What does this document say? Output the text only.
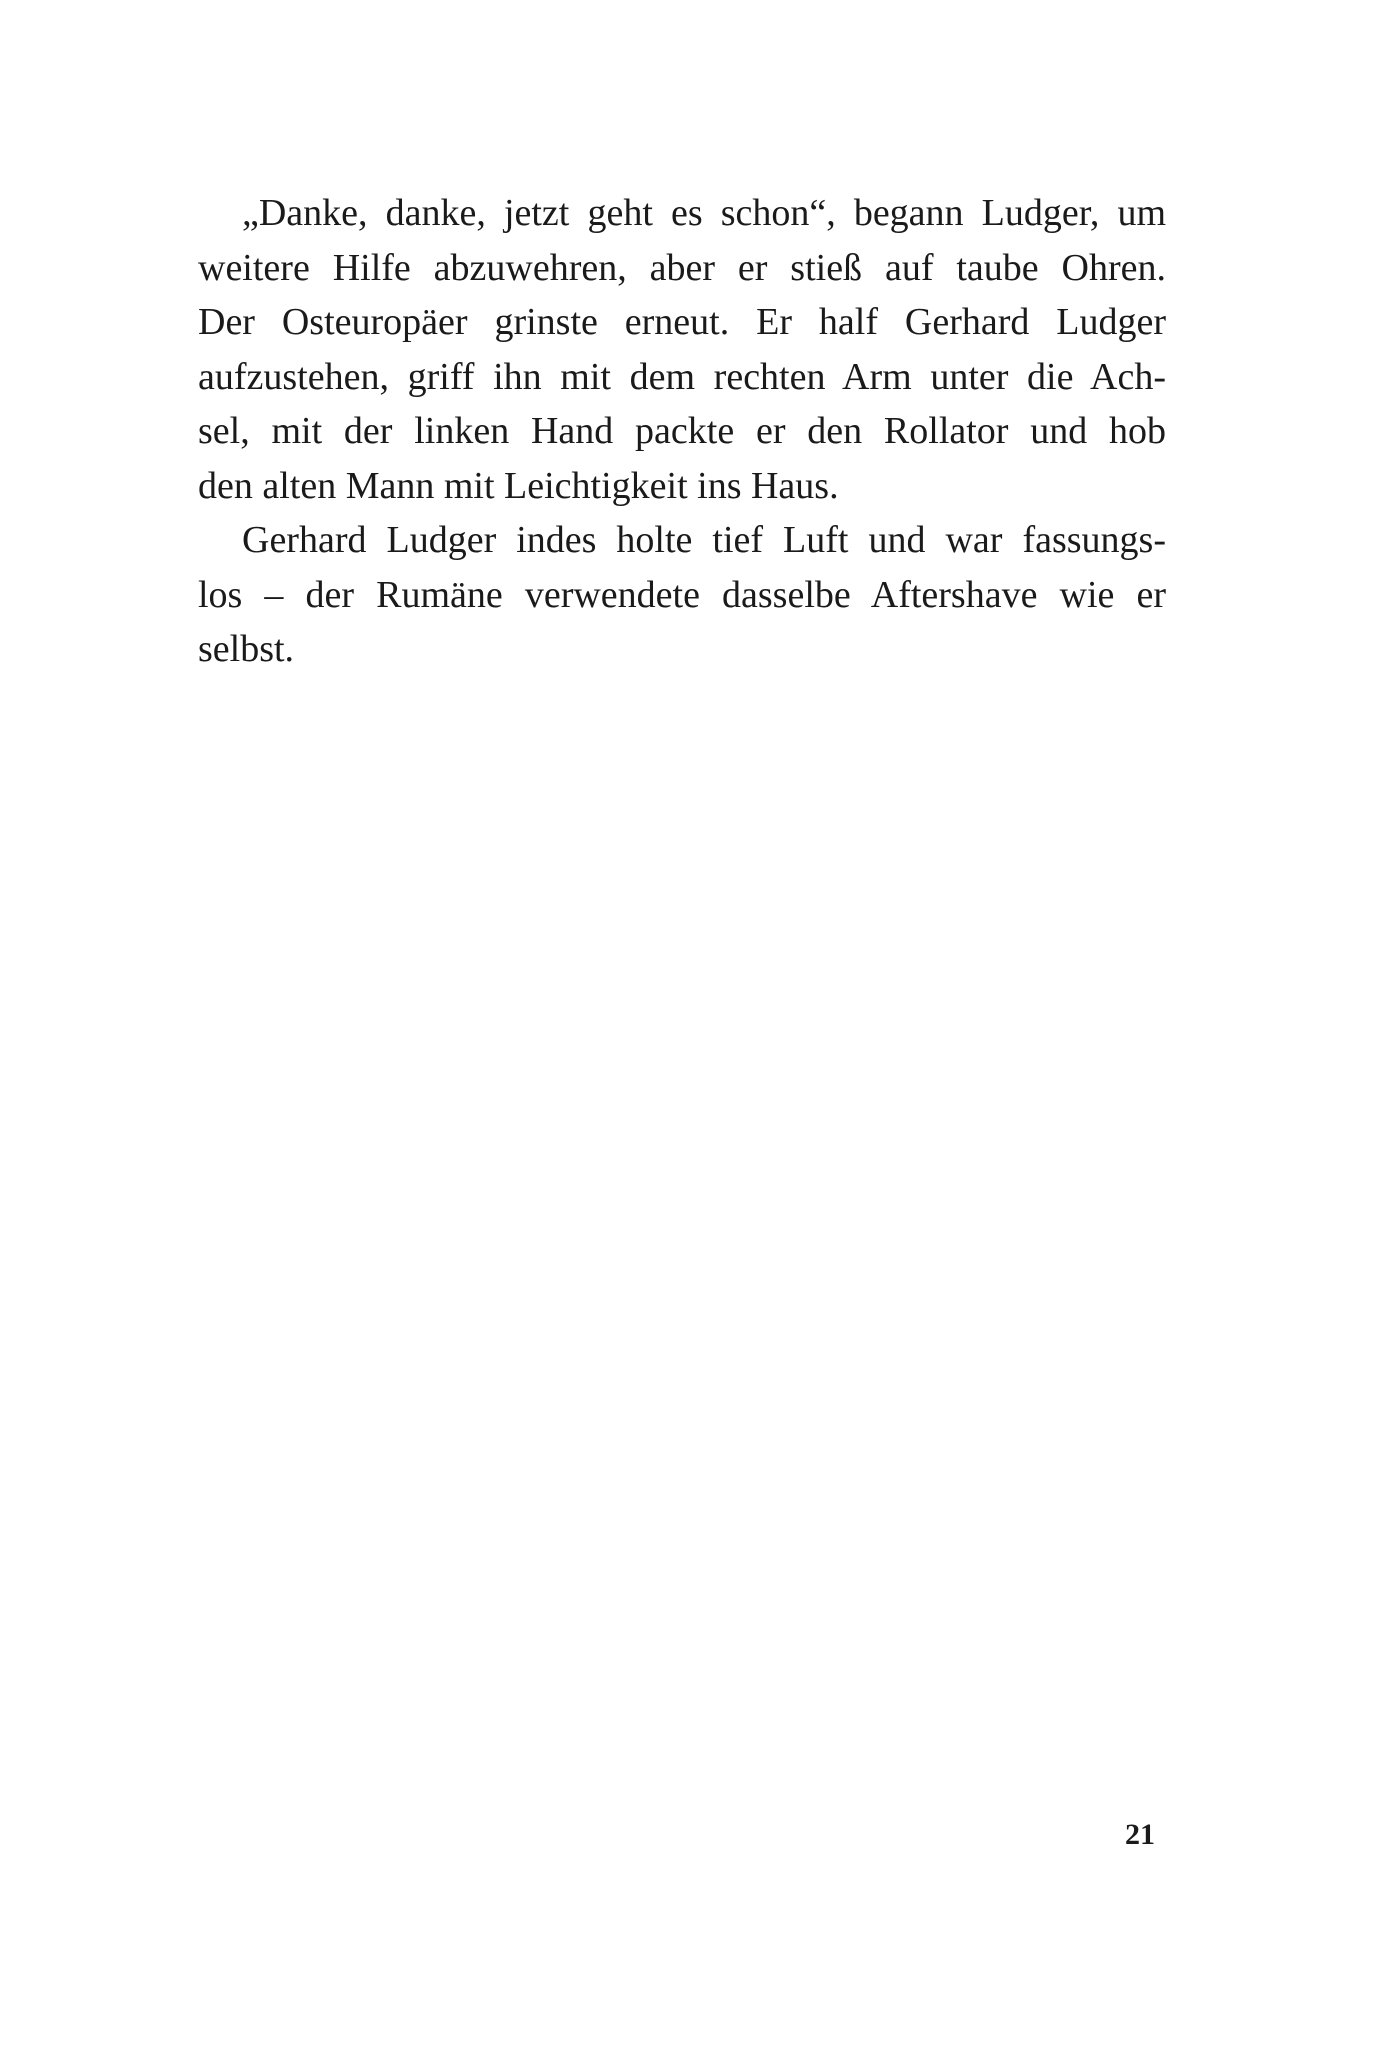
„Danke, danke, jetzt geht es schon“, begann Ludger, um
weitere Hilfe abzuwehren, aber er stieß auf taube Ohren.
Der Osteuropäer grinste erneut. Er half Gerhard Ludger
aufzustehen, griff ihn mit dem rechten Arm unter die Ach-
sel, mit der linken Hand packte er den Rollator und hob
den alten Mann mit Leichtigkeit ins Haus.
Gerhard Ludger indes holte tief Luft und war fassungs-
los – der Rumäne verwendete dasselbe Aftershave wie er
selbst.
21
